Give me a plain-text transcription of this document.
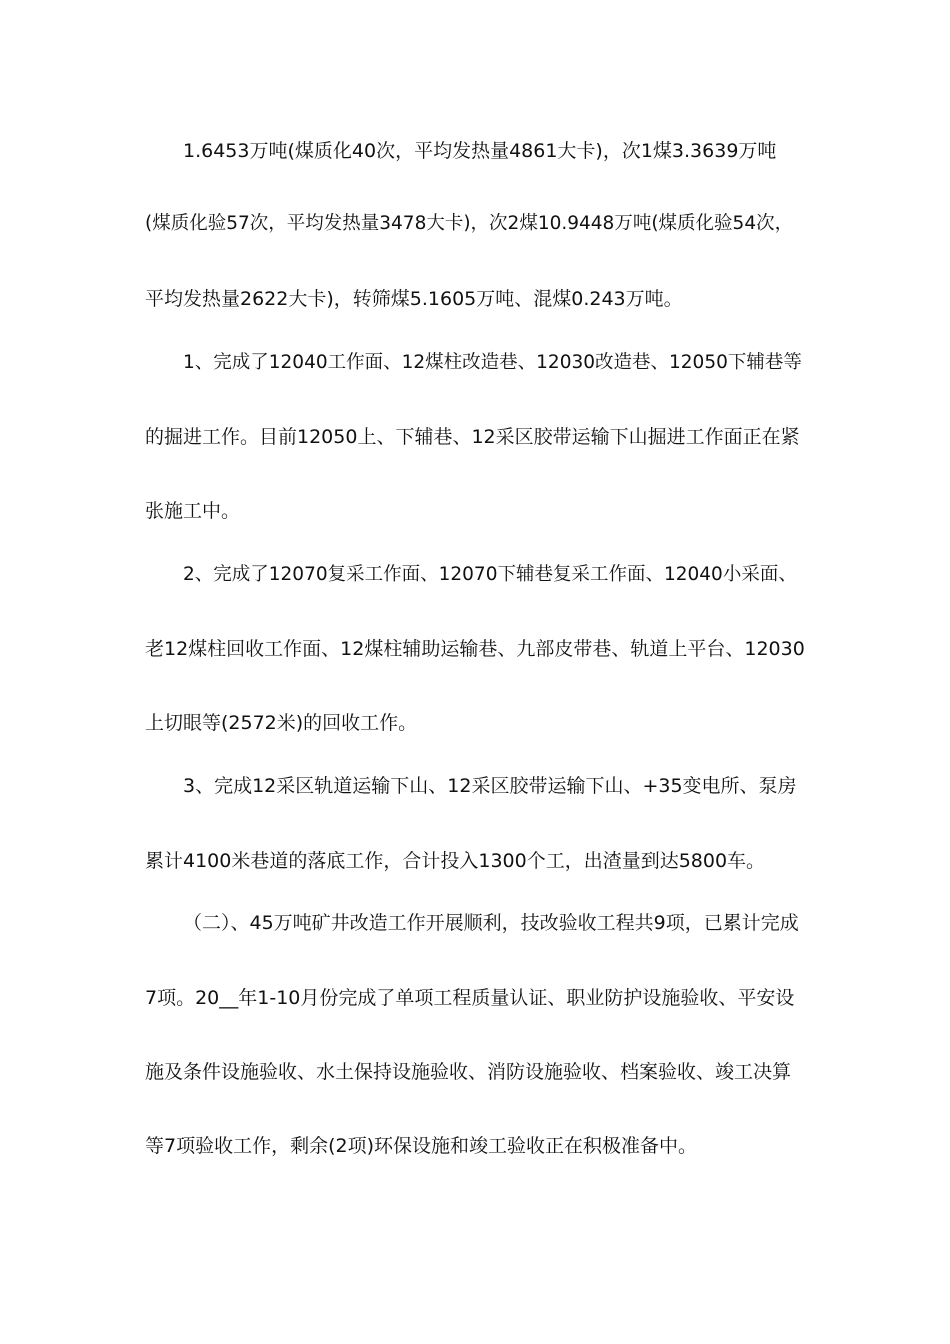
1.6453万吨(煤质化40次，平均发热量4861大卡)，次1煤3.3639万吨
(煤质化验57次，平均发热量3478大卡)，次2煤10.9448万吨(煤质化验54次，
平均发热量2622大卡)，转筛煤5.1605万吨、混煤0.243万吨。
1、完成了12040工作面、12煤柱改造巷、12030改造巷、12050下辅巷等
的掘进工作。目前12050上、下辅巷、12采区胶带运输下山掘进工作面正在紧
张施工中。
2、完成了12070复采工作面、12070下辅巷复采工作面、12040小采面、
老12煤柱回收工作面、12煤柱辅助运输巷、九部皮带巷、轨道上平台、12030
上切眼等(2572米)的回收工作。
3、完成12采区轨道运输下山、12采区胶带运输下山、+35变电所、泵房
累计4100米巷道的落底工作，合计投入1300个工，出渣量到达5800车。
（二）、45万吨矿井改造工作开展顺利，技改验收工程共9项，已累计完成
7项。20__年1-10月份完成了单项工程质量认证、职业防护设施验收、平安设
施及条件设施验收、水土保持设施验收、消防设施验收、档案验收、竣工决算
等7项验收工作，剩余(2项)环保设施和竣工验收正在积极准备中。
